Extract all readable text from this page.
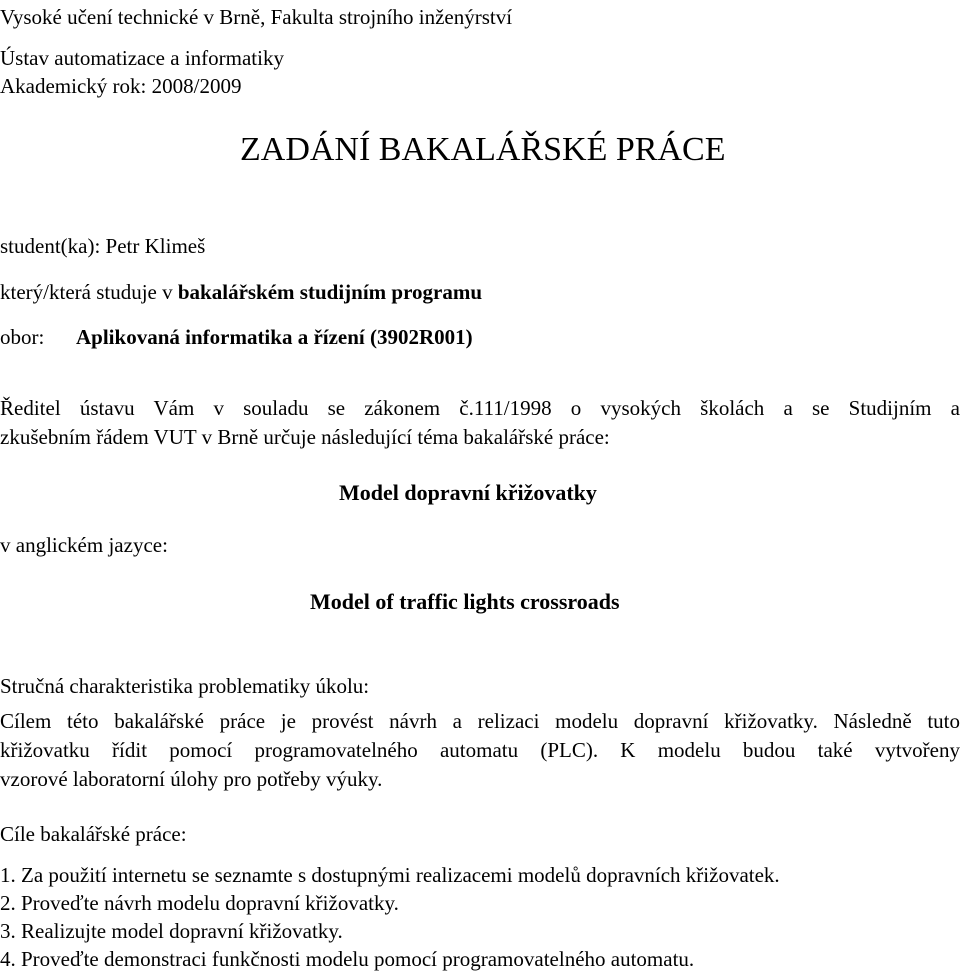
Vysoké učení technické v Brně, Fakulta strojního inženýrství
Ústav automatizace a informatiky
Akademický rok: 2008/2009
ZADÁNÍ BAKALÁŘSKÉ PRÁCE
student(ka): Petr Klimeš
který/která studuje v bakalářském studijním programu
obor: Aplikovaná informatika a řízení (3902R001)
Ředitel ústavu Vám v souladu se zákonem č.111/1998 o vysokých školách a se Studijním a
zkušebním řádem VUT v Brně určuje následující téma bakalářské práce:
Model dopravní křižovatky
v anglickém jazyce:
Model of traffic lights crossroads
Stručná charakteristika problematiky úkolu:
Cílem této bakalářské práce je provést návrh a relizaci modelu dopravní křižovatky. Následně tuto
křižovatku řídit pomocí programovatelného automatu (PLC). K modelu budou také vytvořeny
vzorové laboratorní úlohy pro potřeby výuky.
Cíle bakalářské práce:
1. Za použití internetu se seznamte s dostupnými realizacemi modelů dopravních křižovatek.
2. Proveďte návrh modelu dopravní křižovatky.
3. Realizujte model dopravní křižovatky.
4. Proveďte demonstraci funkčnosti modelu pomocí programovatelného automatu.
